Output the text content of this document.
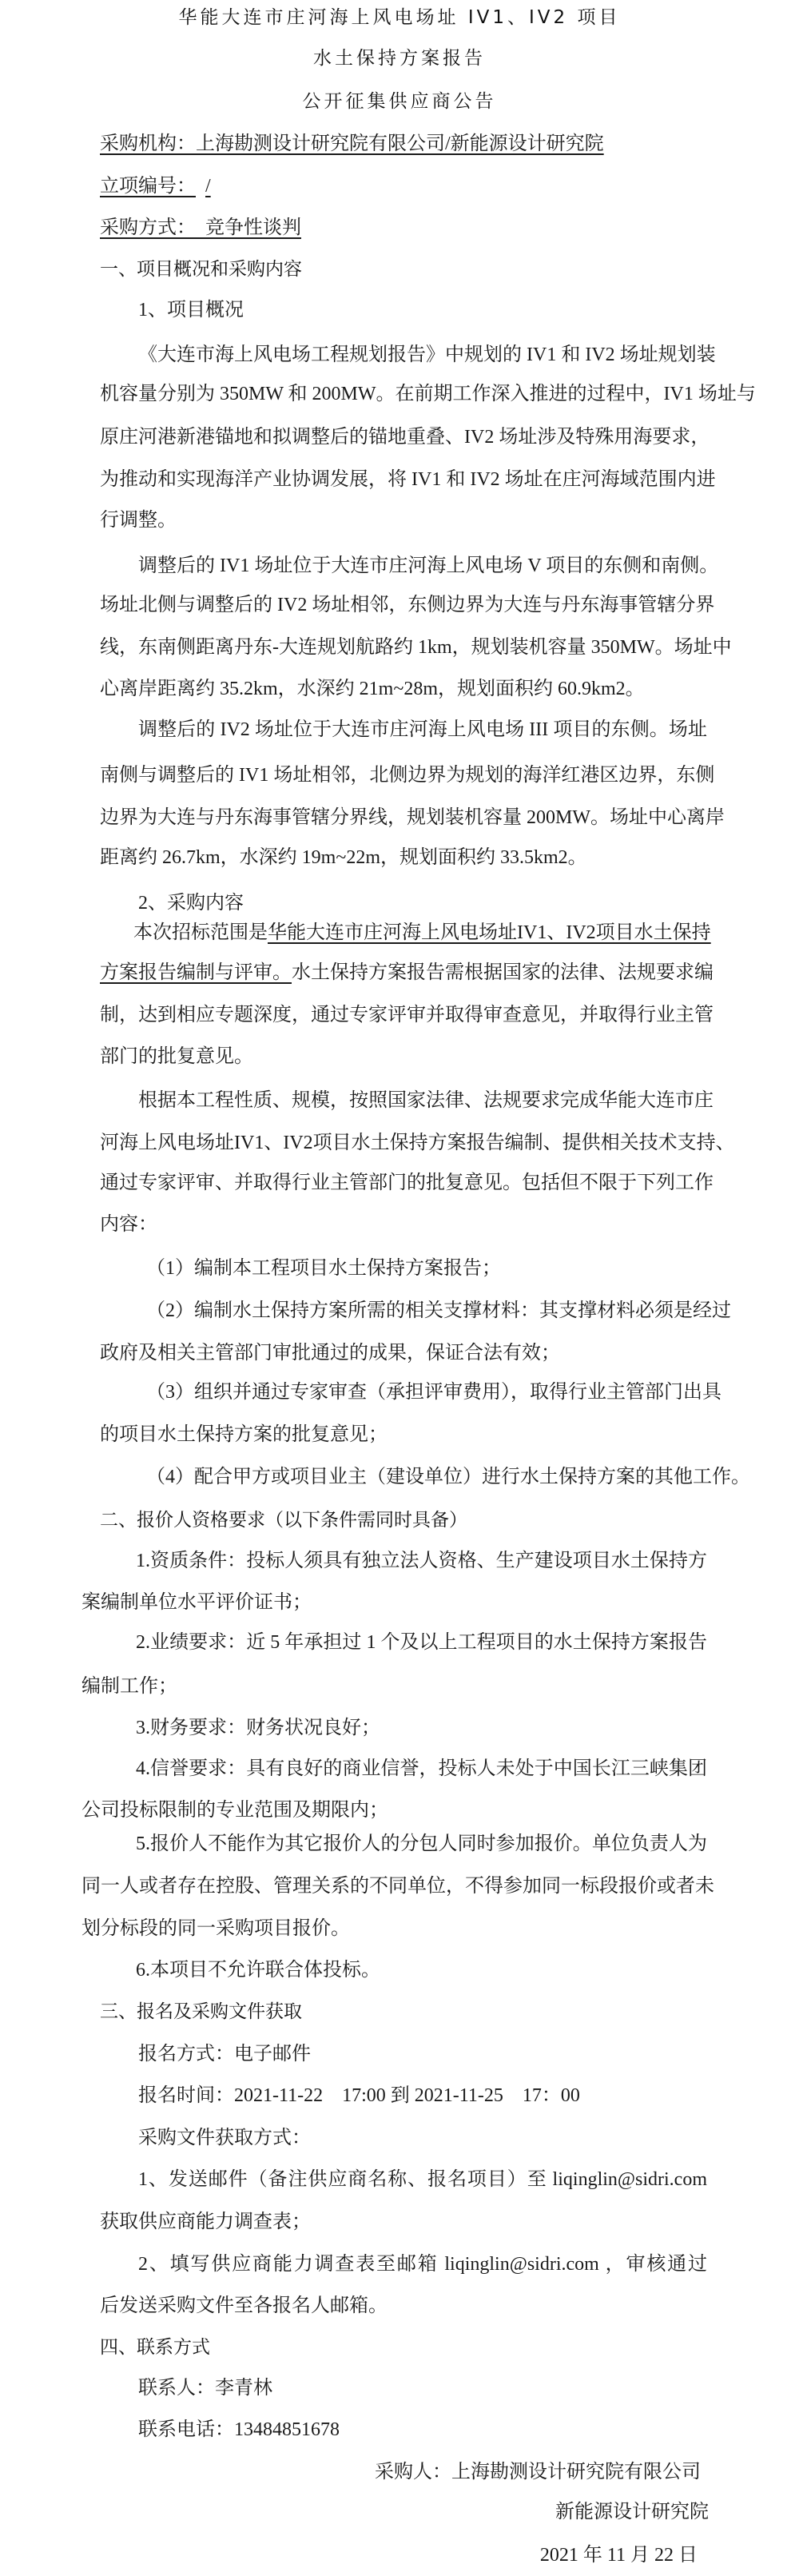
华能大连市庄河海上风电场址 IV1、IV2 项目
水土保持方案报告
公开征集供应商公告
采购机构：上海勘测设计研究院有限公司/新能源设计研究院
立项编号： /
采购方式： 竞争性谈判
一、项目概况和采购内容
1、项目概况
《大连市海上风电场工程规划报告》中规划的 IV1 和 IV2 场址规划装
机容量分别为 350MW 和 200MW。在前期工作深入推进的过程中，IV1 场址与
原庄河港新港锚地和拟调整后的锚地重叠、IV2 场址涉及特殊用海要求，
为推动和实现海洋产业协调发展，将 IV1 和 IV2 场址在庄河海域范围内进
行调整。
调整后的 IV1 场址位于大连市庄河海上风电场 V 项目的东侧和南侧。
场址北侧与调整后的 IV2 场址相邻，东侧边界为大连与丹东海事管辖分界
线，东南侧距离丹东-大连规划航路约 1km，规划装机容量 350MW。场址中
心离岸距离约 35.2km，水深约 21m~28m，规划面积约 60.9km2。
调整后的 IV2 场址位于大连市庄河海上风电场 III 项目的东侧。场址
南侧与调整后的 IV1 场址相邻，北侧边界为规划的海洋红港区边界，东侧
边界为大连与丹东海事管辖分界线，规划装机容量 200MW。场址中心离岸
距离约 26.7km，水深约 19m~22m，规划面积约 33.5km2。
2、采购内容
本次招标范围是华能大连市庄河海上风电场址IV1、IV2项目水土保持
方案报告编制与评审。水土保持方案报告需根据国家的法律、法规要求编
制，达到相应专题深度，通过专家评审并取得审查意见，并取得行业主管
部门的批复意见。
根据本工程性质、规模，按照国家法律、法规要求完成华能大连市庄
河海上风电场址IV1、IV2项目水土保持方案报告编制、提供相关技术支持、
通过专家评审、并取得行业主管部门的批复意见。包括但不限于下列工作
内容：
（1）编制本工程项目水土保持方案报告；
（2）编制水土保持方案所需的相关支撑材料：其支撑材料必须是经过
政府及相关主管部门审批通过的成果，保证合法有效；
（3）组织并通过专家审查（承担评审费用），取得行业主管部门出具
的项目水土保持方案的批复意见；
（4）配合甲方或项目业主（建设单位）进行水土保持方案的其他工作。
二、报价人资格要求（以下条件需同时具备）
1.资质条件：投标人须具有独立法人资格、生产建设项目水土保持方
案编制单位水平评价证书；
2.业绩要求：近 5 年承担过 1 个及以上工程项目的水土保持方案报告
编制工作；
3.财务要求：财务状况良好；
4.信誉要求：具有良好的商业信誉，投标人未处于中国长江三峡集团
公司投标限制的专业范围及期限内；
5.报价人不能作为其它报价人的分包人同时参加报价。单位负责人为
同一人或者存在控股、管理关系的不同单位，不得参加同一标段报价或者未
划分标段的同一采购项目报价。
6.本项目不允许联合体投标。
三、报名及采购文件获取
报名方式：电子邮件
报名时间：2021-11-22　17:00 到 2021-11-25　17：00
采购文件获取方式：
1、发送邮件（备注供应商名称、报名项目）至 liqinglin@sidri.com
获取供应商能力调查表；
2、填写供应商能力调查表至邮箱 liqinglin@sidri.com ，审核通过
后发送采购文件至各报名人邮箱。
四、联系方式
联系人：李青林
联系电话：13484851678
采购人：上海勘测设计研究院有限公司
新能源设计研究院
2021 年 11 月 22 日
